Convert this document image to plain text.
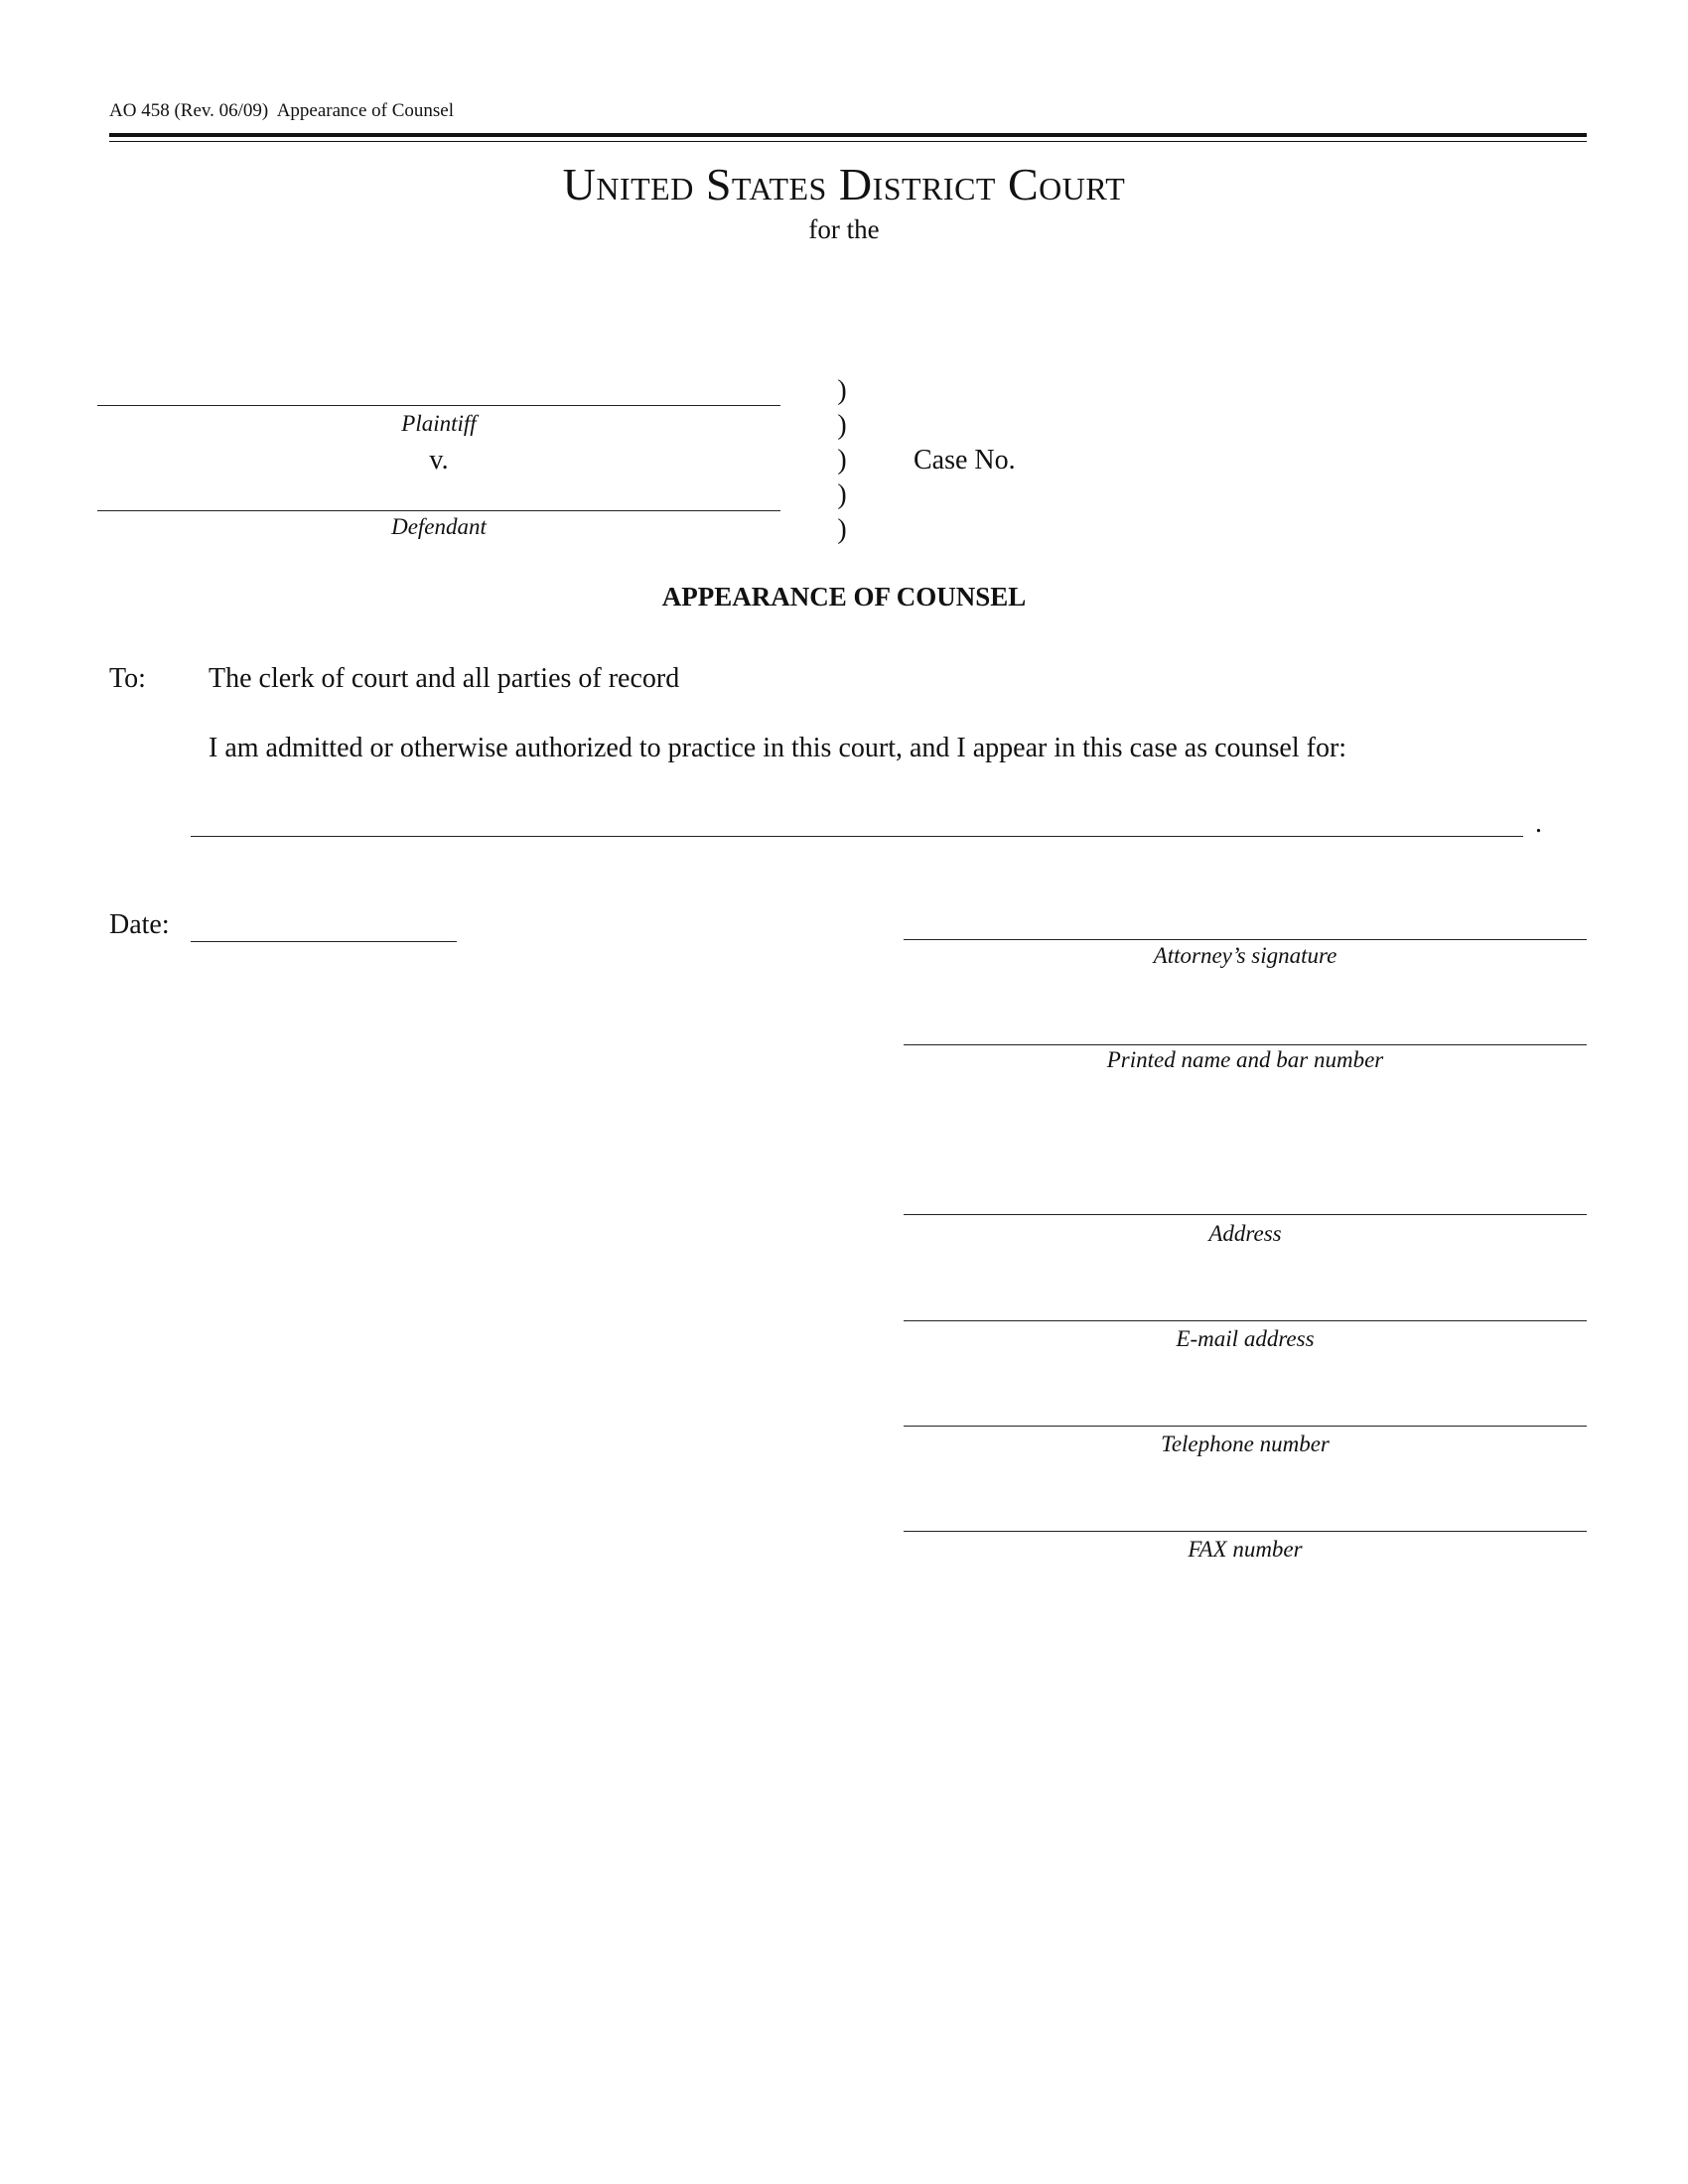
AO 458 (Rev. 06/09)  Appearance of Counsel
United States District Court
for the
Plaintiff
v.
Defendant
)
)
)
)
)
Case No.
APPEARANCE OF COUNSEL
To: The clerk of court and all parties of record
I am admitted or otherwise authorized to practice in this court, and I appear in this case as counsel for:
.
Date:
Attorney’s signature
Printed name and bar number
Address
E-mail address
Telephone number
FAX number
